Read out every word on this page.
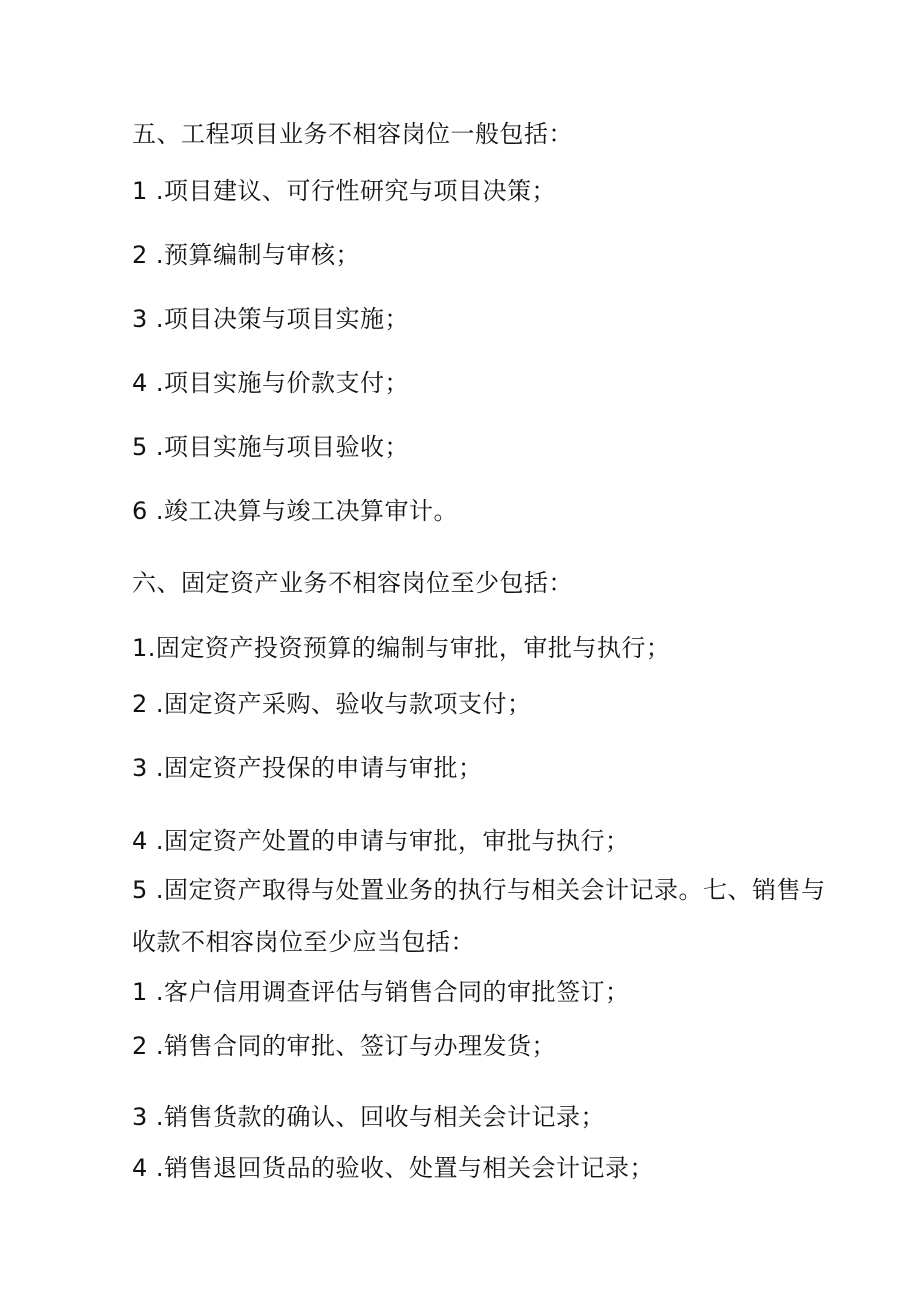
五、工程项目业务不相容岗位一般包括：
1 .项目建议、可行性研究与项目决策；
2 .预算编制与审核；
3 .项目决策与项目实施；
4 .项目实施与价款支付；
5 .项目实施与项目验收；
6 .竣工决算与竣工决算审计。
六、固定资产业务不相容岗位至少包括：
1.固定资产投资预算的编制与审批，审批与执行；
2 .固定资产采购、验收与款项支付；
3 .固定资产投保的申请与审批；
4 .固定资产处置的申请与审批，审批与执行；
5 .固定资产取得与处置业务的执行与相关会计记录。七、销售与
收款不相容岗位至少应当包括：
1 .客户信用调查评估与销售合同的审批签订；
2 .销售合同的审批、签订与办理发货；
3 .销售货款的确认、回收与相关会计记录；
4 .销售退回货品的验收、处置与相关会计记录；
